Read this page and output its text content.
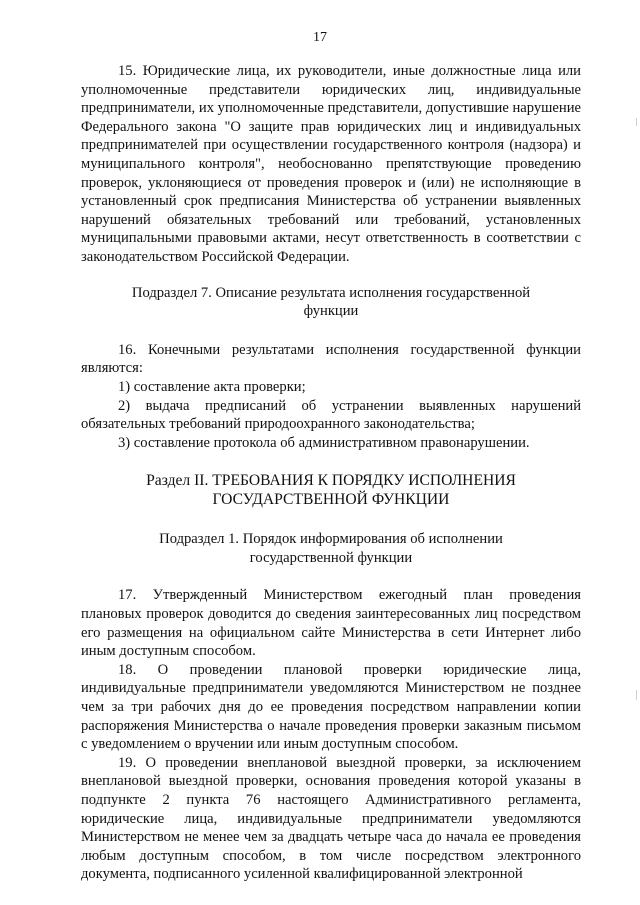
17

15. Юридические лица, их руководители, иные должностные лица или уполномоченные представители юридических лиц, индивидуальные предприниматели, их уполномоченные представители, допустившие нарушение Федерального закона "О защите прав юридических лиц и индивидуальных предпринимателей при осуществлении государственного контроля (надзора) и муниципального контроля", необоснованно препятствующие проведению проверок, уклоняющиеся от проведения проверок и (или) не исполняющие в установленный срок предписания Министерства об устранении выявленных нарушений обязательных требований или требований, установленных муниципальными правовыми актами, несут ответственность в соответствии с законодательством Российской Федерации.

Подраздел 7. Описание результата исполнения государственной
функции

16. Конечными результатами исполнения государственной функции являются:

1) составление акта проверки;

2) выдача предписаний об устранении выявленных нарушений обязательных требований природоохранного законодательства;

3) составление протокола об административном правонарушении.

Раздел II. ТРЕБОВАНИЯ К ПОРЯДКУ ИСПОЛНЕНИЯ
ГОСУДАРСТВЕННОЙ ФУНКЦИИ

Подраздел 1. Порядок информирования об исполнении
государственной функции

17. Утвержденный Министерством ежегодный план проведения плановых проверок доводится до сведения заинтересованных лиц посредством его размещения на официальном сайте Министерства в сети Интернет либо иным доступным способом.

18. О проведении плановой проверки юридические лица, индивидуальные предприниматели уведомляются Министерством не позднее чем за три рабочих дня до ее проведения посредством направлении копии распоряжения Министерства о начале проведения проверки заказным письмом с уведомлением о вручении или иным доступным способом.

19. О проведении внеплановой выездной проверки, за исключением внеплановой выездной проверки, основания проведения которой указаны в подпункте 2 пункта 76 настоящего Административного регламента, юридические лица, индивидуальные предприниматели уведомляются Министерством не менее чем за двадцать четыре часа до начала ее проведения любым доступным способом, в том числе посредством электронного документа, подписанного усиленной квалифицированной электронной
